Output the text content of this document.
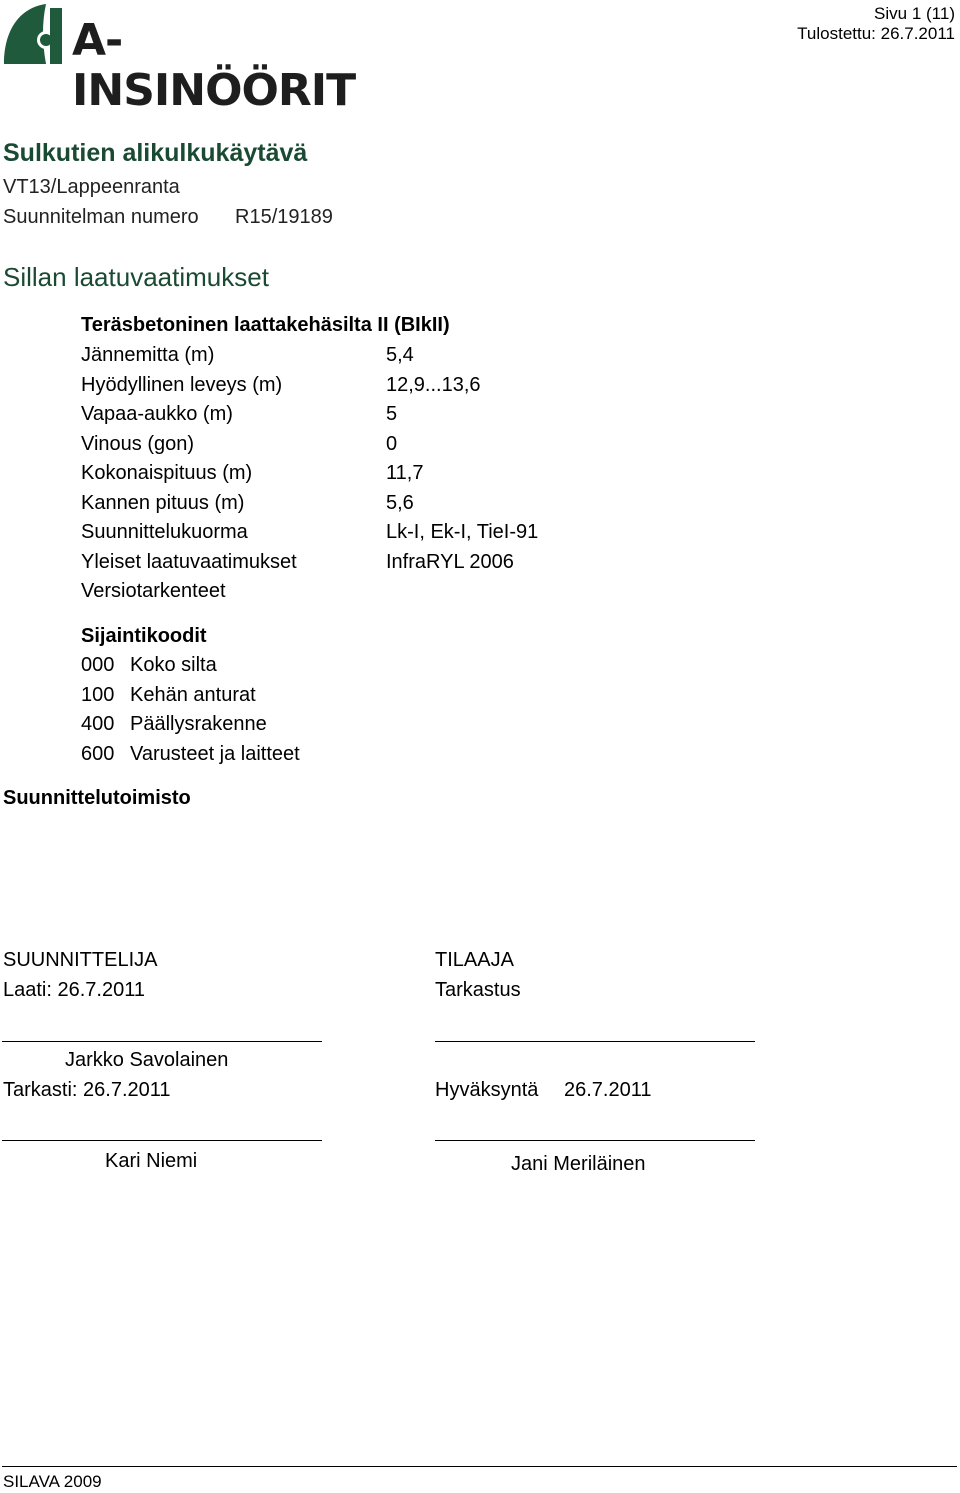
A-INSINÖÖRIT
Sivu 1 (11)
Tulostettu: 26.7.2011
Sulkutien alikulkukäytävä
VT13/Lappeenranta
Suunnitelman numero R15/19189
Sillan laatuvaatimukset
Teräsbetoninen laattakehäsilta II (BIkII)
Jännemitta (m)	5,4
Hyödyllinen leveys (m)	12,9...13,6
Vapaa-aukko (m)	5
Vinous (gon)	0
Kokonaispituus (m)	11,7
Kannen pituus (m)	5,6
Suunnittelukuorma	Lk-I, Ek-I, TieI-91
Yleiset laatuvaatimukset	InfraRYL 2006
Versiotarkenteet
Sijaintikoodit
000 Koko silta
100 Kehän anturat
400 Päällysrakenne
600 Varusteet ja laitteet
Suunnittelutoimisto
SUUNNITTELIJA	TILAAJA
Laati: 26.7.2011	Tarkastus
Jarkko Savolainen
Tarkasti: 26.7.2011	Hyväksyntä 26.7.2011
Kari Niemi	Jani Meriläinen
SILAVA 2009
